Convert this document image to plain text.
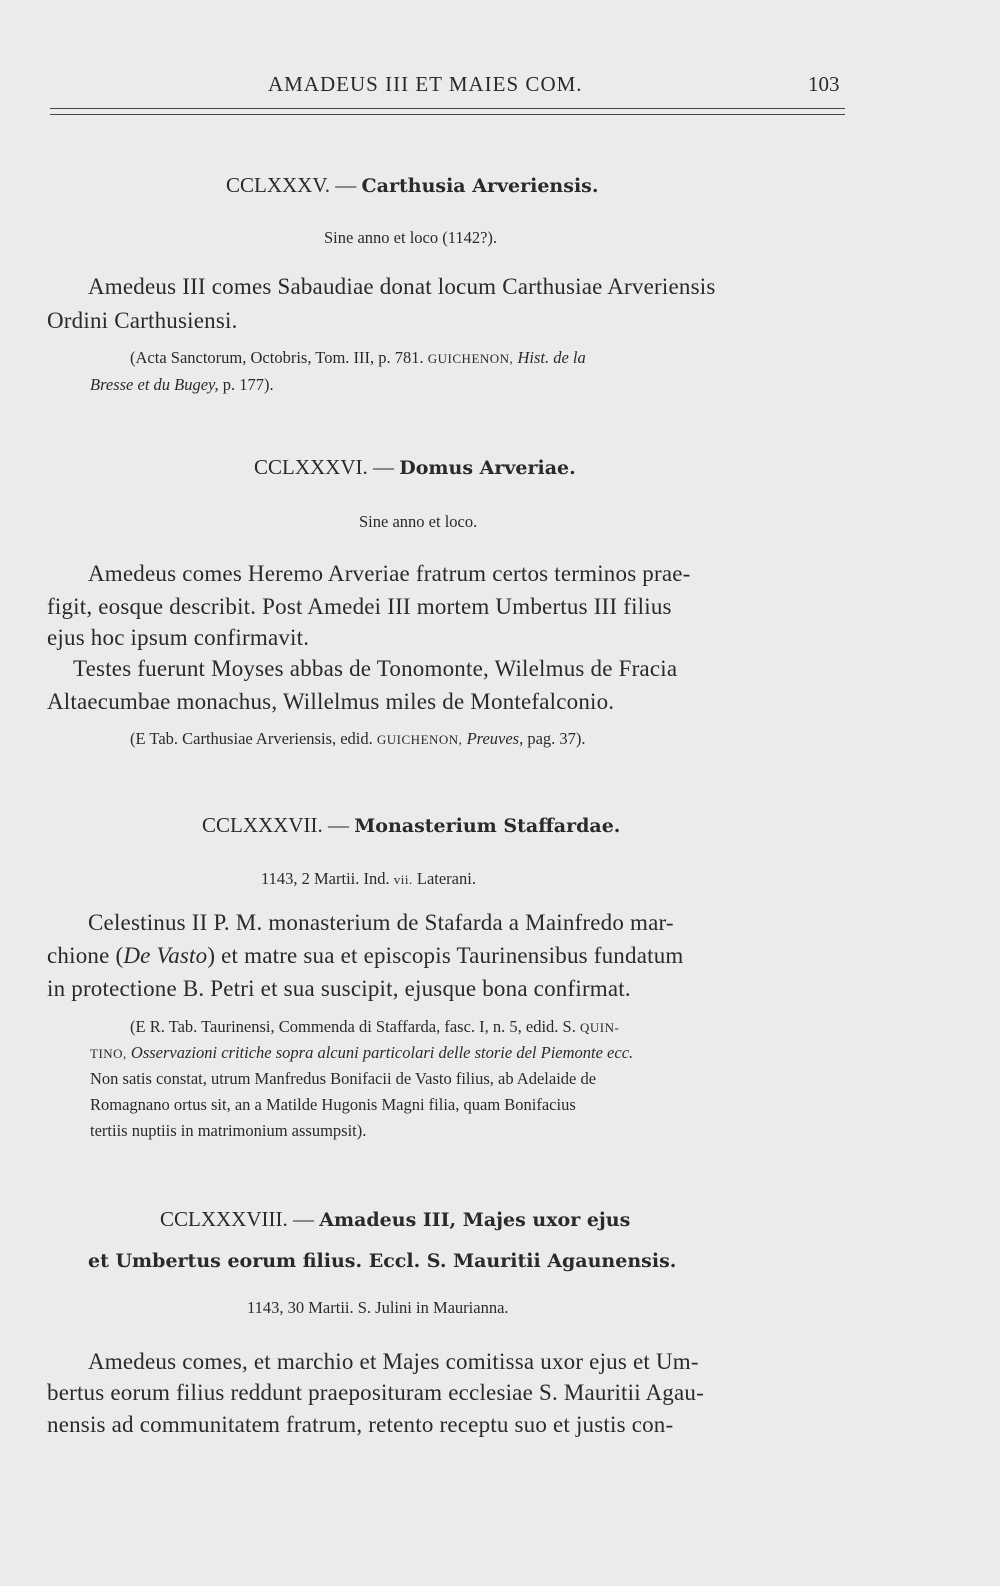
AMADEUS III ET MAIES COM.	103
CCLXXXV. — Carthusia Arveriensis.
Sine anno et loco (1142?).
Amedeus III comes Sabaudiae donat locum Carthusiae Arveriensis
Ordini Carthusiensi.
(Acta Sanctorum, Octobris, Tom. III, p. 781. GUICHENON, Hist. de la
Bresse et du Bugey, p. 177).
CCLXXXVI. — Domus Arveriae.
Sine anno et loco.
Amedeus comes Heremo Arveriae fratrum certos terminos prae-
figit, eosque describit. Post Amedei III mortem Umbertus III filius
ejus hoc ipsum confirmavit.
Testes fuerunt Moyses abbas de Tonomonte, Wilelmus de Fracia
Altaecumbae monachus, Willelmus miles de Montefalconio.
(E Tab. Carthusiae Arveriensis, edid. GUICHENON, Preuves, pag. 37).
CCLXXXVII. — Monasterium Staffardae.
1143, 2 Martii. Ind. vii. Laterani.
Celestinus II P. M. monasterium de Stafarda a Mainfredo mar-
chione (De Vasto) et matre sua et episcopis Taurinensibus fundatum
in protectione B. Petri et sua suscipit, ejusque bona confirmat.
(E R. Tab. Taurinensi, Commenda di Staffarda, fasc. I, n. 5, edid. S. QUIN-
TINO, Osservazioni critiche sopra alcuni particolari delle storie del Piemonte ecc.
Non satis constat, utrum Manfredus Bonifacii de Vasto filius, ab Adelaide de
Romagnano ortus sit, an a Matilde Hugonis Magni filia, quam Bonifacius
tertiis nuptiis in matrimonium assumpsit).
CCLXXXVIII. — Amadeus III, Majes uxor ejus
et Umbertus eorum filius. Eccl. S. Mauritii Agaunensis.
1143, 30 Martii. S. Julini in Maurianna.
Amedeus comes, et marchio et Majes comitissa uxor ejus et Um-
bertus eorum filius reddunt praeposituram ecclesiae S. Mauritii Agau-
nensis ad communitatem fratrum, retento receptu suo et justis con-
